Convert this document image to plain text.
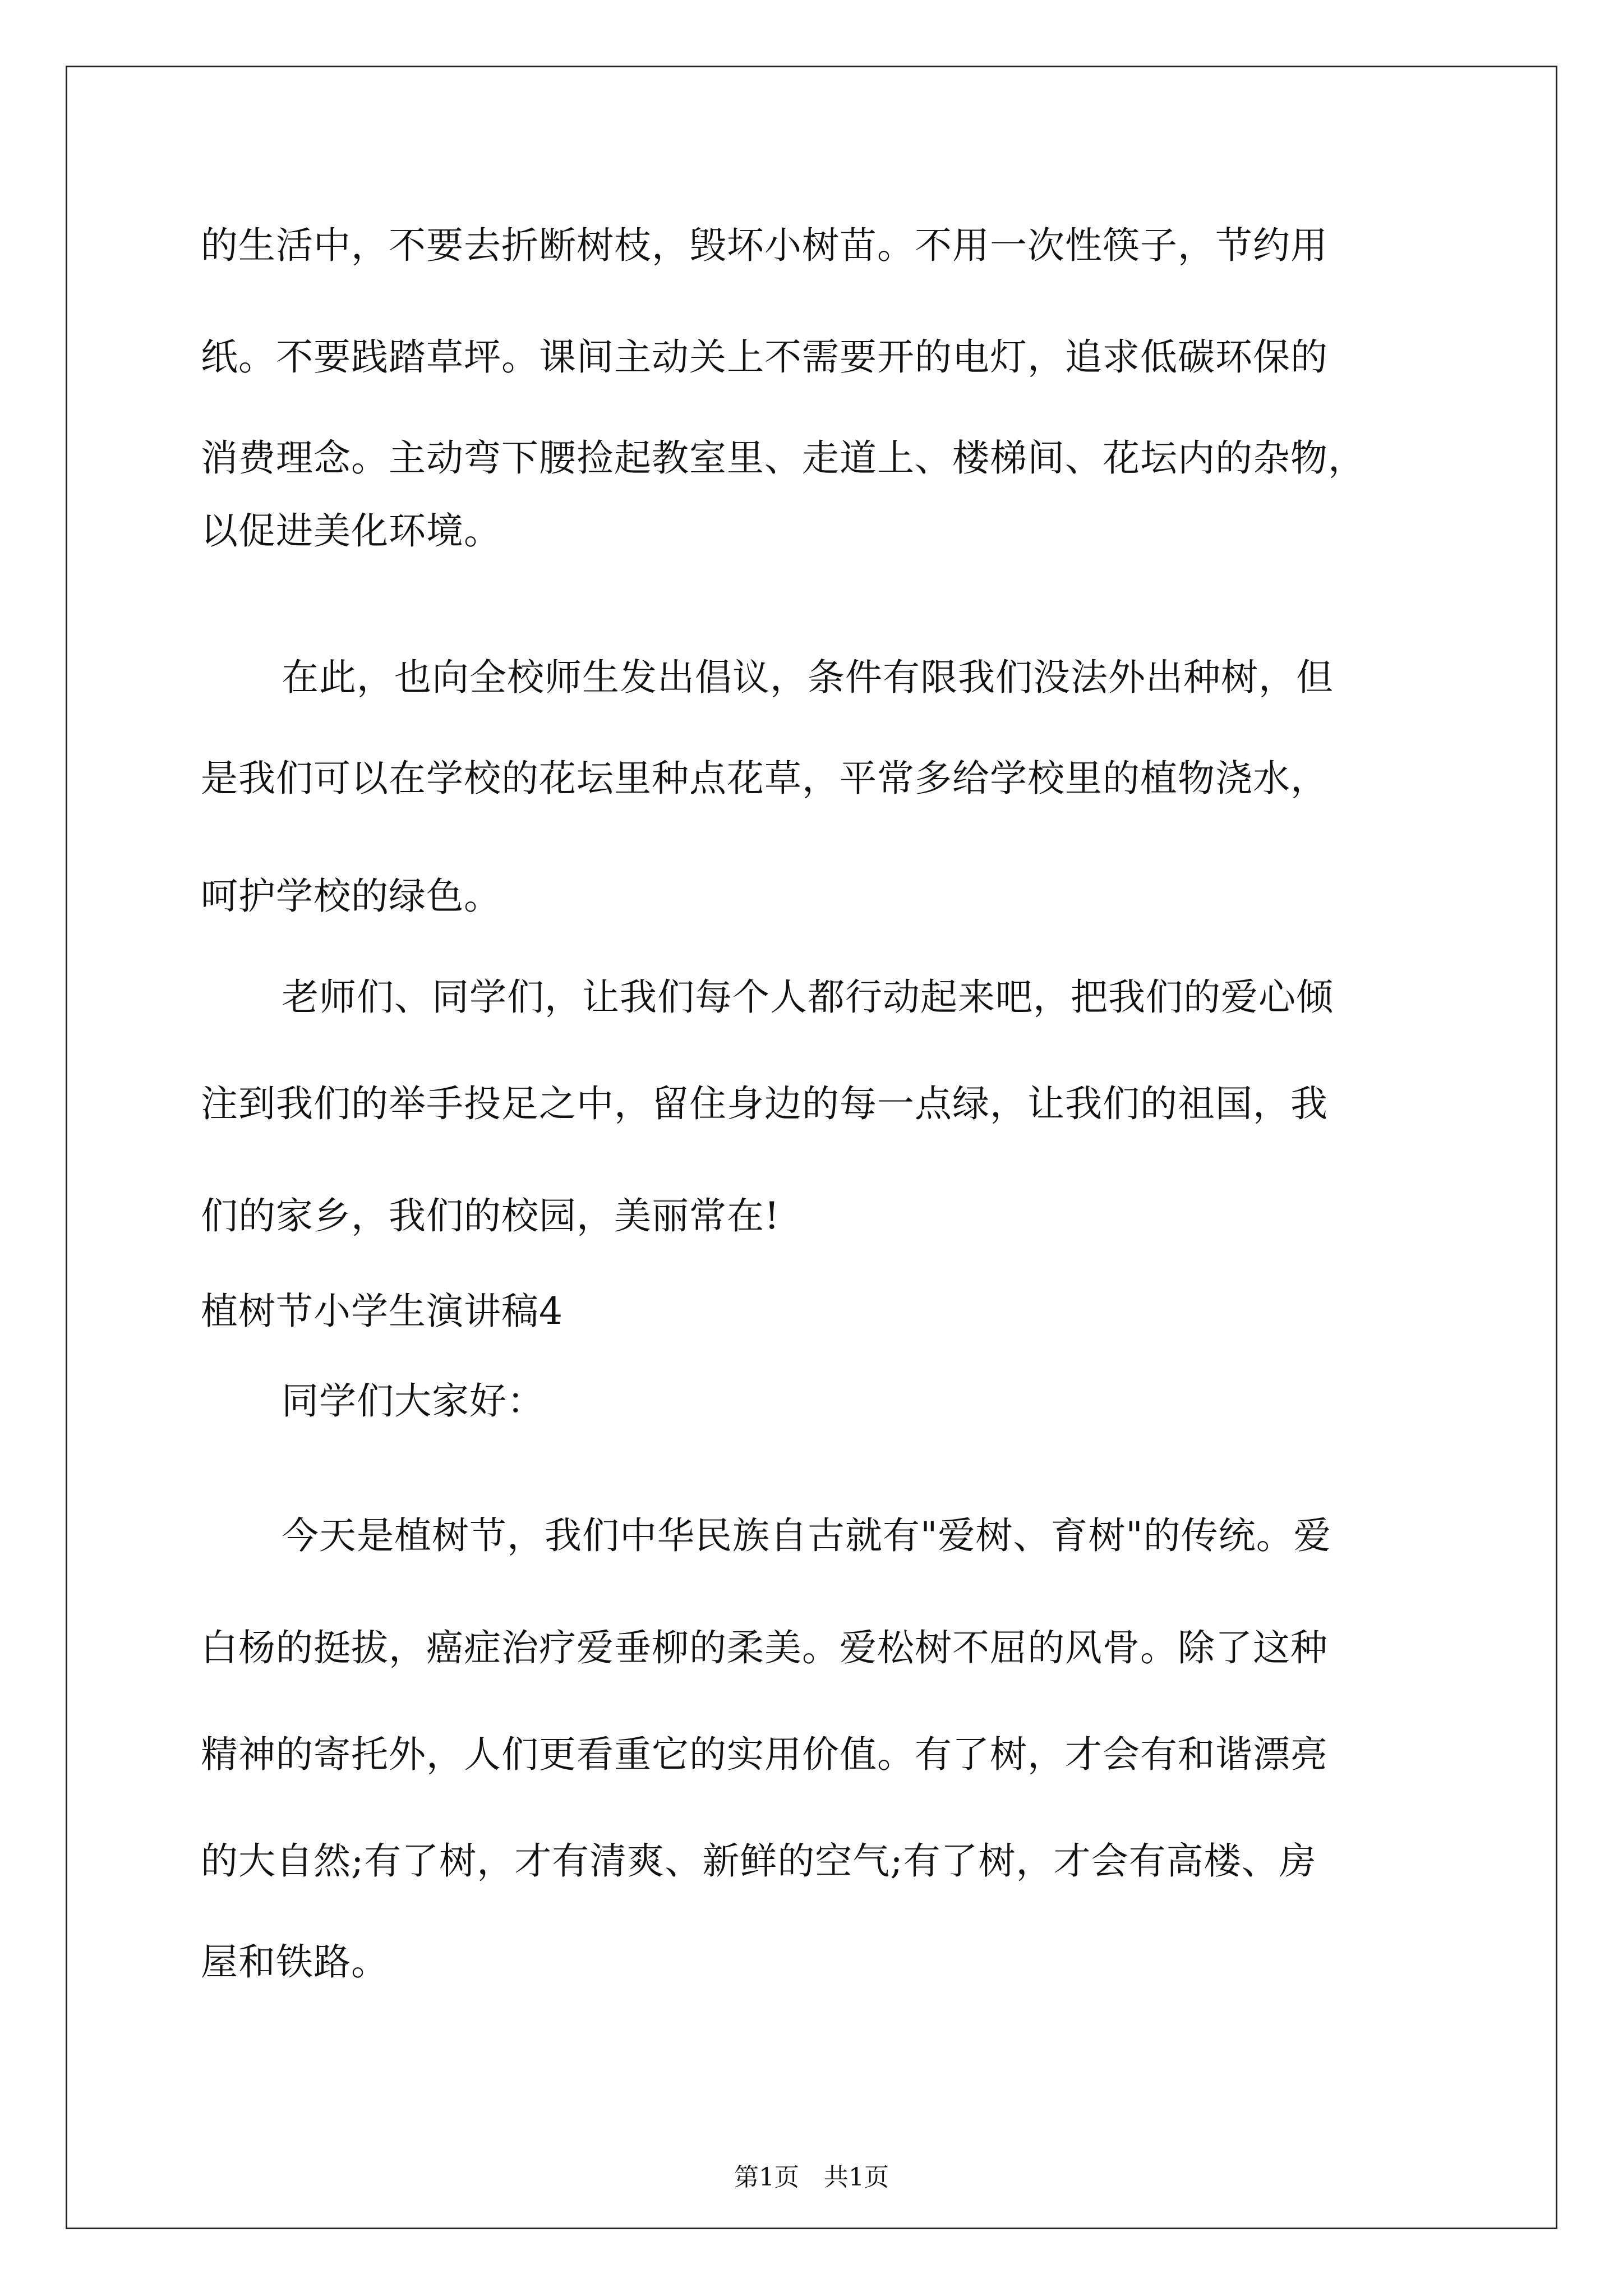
的生活中，不要去折断树枝，毁坏小树苗。不用一次性筷子，节约用
纸。不要践踏草坪。课间主动关上不需要开的电灯，追求低碳环保的
消费理念。主动弯下腰捡起教室里、走道上、楼梯间、花坛内的杂物，
以促进美化环境。
在此，也向全校师生发出倡议，条件有限我们没法外出种树，但
是我们可以在学校的花坛里种点花草，平常多给学校里的植物浇水，
呵护学校的绿色。
老师们、同学们，让我们每个人都行动起来吧，把我们的爱心倾
注到我们的举手投足之中，留住身边的每一点绿，让我们的祖国，我
们的家乡，我们的校园，美丽常在!
植树节小学生演讲稿4
同学们大家好：
今天是植树节，我们中华民族自古就有"爱树、育树"的传统。爱
白杨的挺拔，癌症治疗爱垂柳的柔美。爱松树不屈的风骨。除了这种
精神的寄托外，人们更看重它的实用价值。有了树，才会有和谐漂亮
的大自然;有了树，才有清爽、新鲜的空气;有了树，才会有高楼、房
屋和铁路。
第1页　共1页
